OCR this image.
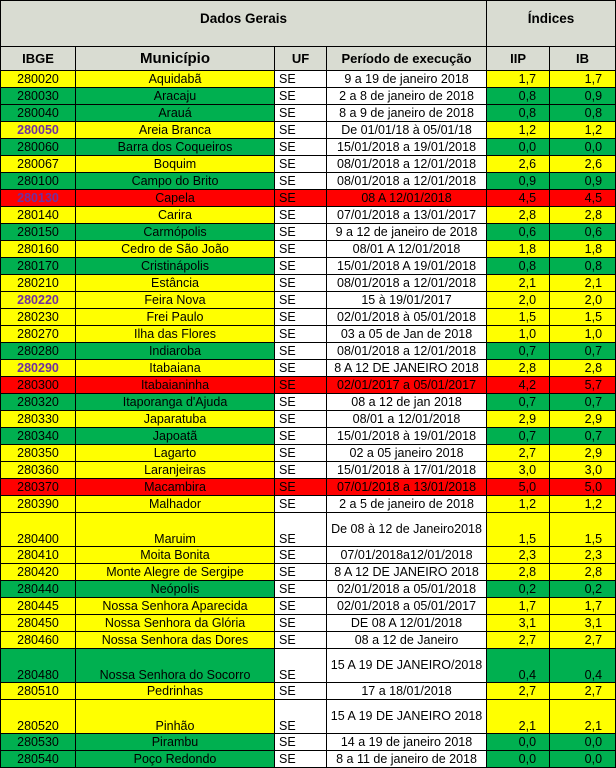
Dados Gerais				Índices	
IBGE	Município	UF	Período de execução	IIP	IB
280020	Aquidabã	SE	9 a 19 de janeiro 2018	1,7	1,7
280030	Aracaju	SE	2 a 8 de janeiro de 2018	0,8	0,9
280040	Arauá	SE	8 a 9 de janeiro de 2018	0,8	0,8
280050	Areia Branca	SE	De 01/01/18 à 05/01/18	1,2	1,2
280060	Barra dos Coqueiros	SE	15/01/2018 a 19/01/2018	0,0	0,0
280067	Boquim	SE	08/01/2018 a 12/01/2018	2,6	2,6
280100	Campo do Brito	SE	08/01/2018 a 12/01/2018	0,9	0,9
280130	Capela	SE	08 A 12/01/2018	4,5	4,5
280140	Carira	SE	07/01/2018 a 13/01/2017	2,8	2,8
280150	Carmópolis	SE	9 a 12 de janeiro de 2018	0,6	0,6
280160	Cedro de São João	SE	08/01 A 12/01/2018	1,8	1,8
280170	Cristinápolis	SE	15/01/2018 A 19/01/2018	0,8	0,8
280210	Estância	SE	08/01/2018 a 12/01/2018	2,1	2,1
280220	Feira Nova	SE	15 à 19/01/2017	2,0	2,0
280230	Frei Paulo	SE	02/01/2018 à 05/01/2018	1,5	1,5
280270	Ilha das Flores	SE	03 a 05 de Jan de 2018	1,0	1,0
280280	Indiaroba	SE	08/01/2018 a 12/01/2018	0,7	0,7
280290	Itabaiana	SE	8 A 12 DE JANEIRO 2018	2,8	2,8
280300	Itabaianinha	SE	02/01/2017 a 05/01/2017	4,2	5,7
280320	Itaporanga d'Ajuda	SE	08 a 12 de jan 2018	0,7	0,7
280330	Japaratuba	SE	08/01 a 12/01/2018	2,9	2,9
280340	Japoatã	SE	15/01/2018 à 19/01/2018	0,7	0,7
280350	Lagarto	SE	02 a 05 janeiro 2018	2,7	2,9
280360	Laranjeiras	SE	15/01/2018 à 17/01/2018	3,0	3,0
280370	Macambira	SE	07/01/2018 a 13/01/2018	5,0	5,0
280390	Malhador	SE	2 a 5 de janeiro de 2018	1,2	1,2
280400	Maruim	SE	De 08 à 12 de Janeiro2018	1,5	1,5
280410	Moita Bonita	SE	07/01/2018a12/01/2018	2,3	2,3
280420	Monte Alegre de Sergipe	SE	8 A 12 DE JANEIRO 2018	2,8	2,8
280440	Neópolis	SE	02/01/2018 a 05/01/2018	0,2	0,2
280445	Nossa Senhora Aparecida	SE	02/01/2018 a 05/01/2017	1,7	1,7
280450	Nossa Senhora da Glória	SE	DE 08 A 12/01/2018	3,1	3,1
280460	Nossa Senhora das Dores	SE	08 a 12 de Janeiro	2,7	2,7
280480	Nossa Senhora do Socorro	SE	15 A 19 DE JANEIRO/2018	0,4	0,4
280510	Pedrinhas	SE	17 a 18/01/2018	2,7	2,7
280520	Pinhão	SE	15 A 19 DE JANEIRO 2018	2,1	2,1
280530	Pirambu	SE	14 a 19 de janeiro 2018	0,0	0,0
280540	Poço Redondo	SE	8 a 11 de janeiro de 2018	0,0	0,0
